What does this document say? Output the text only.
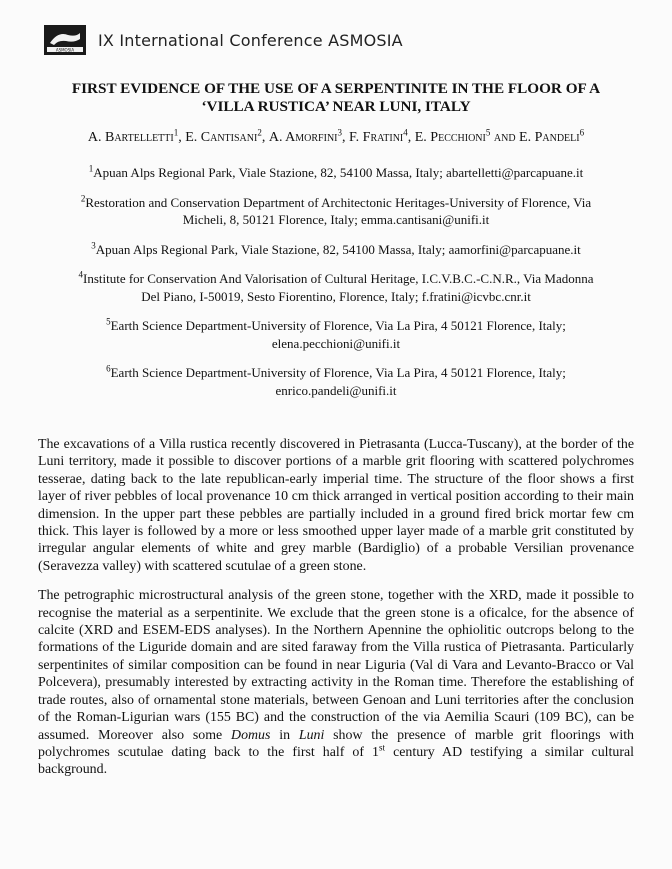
ASMOSIA
IX International Conference ASMOSIA
FIRST EVIDENCE OF THE USE OF A SERPENTINITE IN THE FLOOR OF A
‘VILLA RUSTICA’ NEAR LUNI, ITALY
A. Bartelletti$^1$, E. Cantisani$^2$, A. Amorfini$^3$, F. Fratini$^4$, E. Pecchioni$^5$ and E. Pandeli$^6$
$^1$Apuan Alps Regional Park, Viale Stazione, 82, 54100 Massa, Italy; abartelletti@parcapuane.it
$^2$Restoration and Conservation Department of Architectonic Heritages-University of Florence, Via
Micheli, 8, 50121 Florence, Italy; emma.cantisani@unifi.it
$^3$Apuan Alps Regional Park, Viale Stazione, 82, 54100 Massa, Italy; aamorfini@parcapuane.it
$^4$Institute for Conservation And Valorisation of Cultural Heritage, I.C.V.B.C.-C.N.R., Via Madonna
Del Piano, I-50019, Sesto Fiorentino, Florence, Italy; f.fratini@icvbc.cnr.it
$^5$Earth Science Department-University of Florence, Via La Pira, 4 50121 Florence, Italy;
elena.pecchioni@unifi.it
$^6$Earth Science Department-University of Florence, Via La Pira, 4 50121 Florence, Italy;
enrico.pandeli@unifi.it

The excavations of a Villa rustica recently discovered in Pietrasanta (Lucca-Tuscany), at the border of the Luni territory, made it possible to discover portions of a marble grit flooring with scattered polychromes tesserae, dating back to the late republican-early imperial time. The structure of the floor shows a first layer of river pebbles of local provenance 10 cm thick arranged in vertical position according to their main dimension. In the upper part these pebbles are partially included in a ground fired brick mortar few cm thick. This layer is followed by a more or less smoothed upper layer made of a marble grit constituted by irregular angular elements of white and grey marble (Bardiglio) of a probable Versilian provenance (Seravezza valley) with scattered scutulae of a green stone.

The petrographic microstructural analysis of the green stone, together with the XRD, made it possible to recognise the material as a serpentinite. We exclude that the green stone is a oficalce, for the absence of calcite (XRD and ESEM-EDS analyses). In the Northern Apennine the ophiolitic outcrops belong to the formations of the Liguride domain and are sited faraway from the Villa rustica of Pietrasanta. Particularly serpentinites of similar composition can be found in near Liguria (Val di Vara and Levanto-Bracco or Val Polcevera), presumably interested by extracting activity in the Roman time. Therefore the establishing of trade routes, also of ornamental stone materials, between Genoan and Luni territories after the conclusion of the Roman-Ligurian wars (155 BC) and the construction of the via Aemilia Scauri (109 BC), can be assumed. Moreover also some Domus in Luni show the presence of marble grit floorings with polychromes scutulae dating back to the first half of 1st century AD testifying a similar cultural background.
